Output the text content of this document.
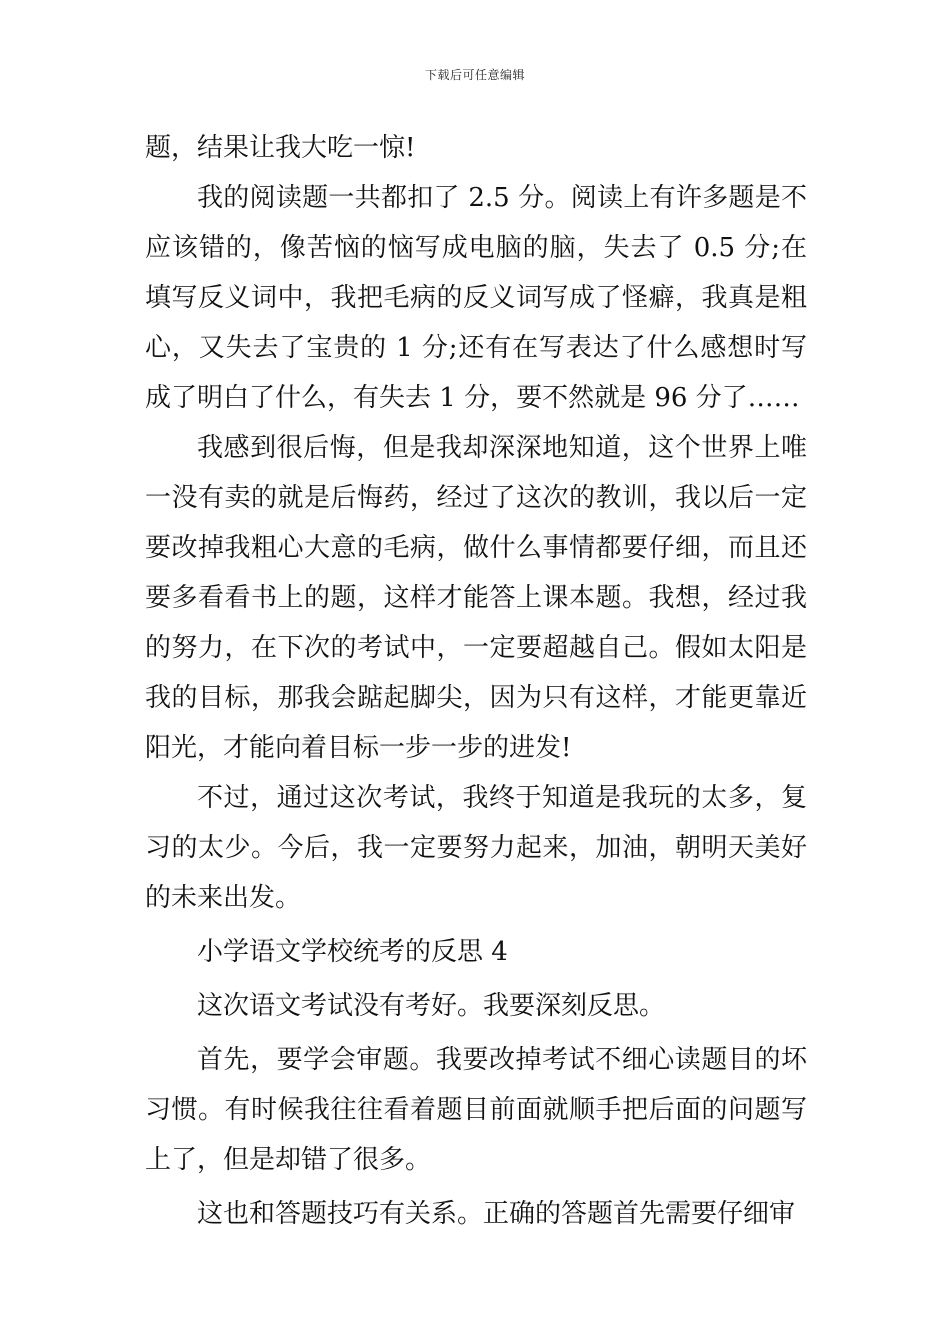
下载后可任意编辑

题，结果让我大吃一惊!

我的阅读题一共都扣了 2.5 分。阅读上有许多题是不应该错的，像苦恼的恼写成电脑的脑，失去了 0.5 分;在填写反义词中，我把毛病的反义词写成了怪癖，我真是粗心，又失去了宝贵的 1 分;还有在写表达了什么感想时写成了明白了什么，有失去 1 分，要不然就是 96 分了……

我感到很后悔，但是我却深深地知道，这个世界上唯一没有卖的就是后悔药，经过了这次的教训，我以后一定要改掉我粗心大意的毛病，做什么事情都要仔细，而且还要多看看书上的题，这样才能答上课本题。我想，经过我的努力，在下次的考试中，一定要超越自己。假如太阳是我的目标，那我会踮起脚尖，因为只有这样，才能更靠近阳光，才能向着目标一步一步的进发!

不过，通过这次考试，我终于知道是我玩的太多，复习的太少。今后，我一定要努力起来，加油，朝明天美好的未来出发。

小学语文学校统考的反思 4

这次语文考试没有考好。我要深刻反思。

首先，要学会审题。我要改掉考试不细心读题目的坏习惯。有时候我往往看着题目前面就顺手把后面的问题写上了，但是却错了很多。

这也和答题技巧有关系。正确的答题首先需要仔细审
